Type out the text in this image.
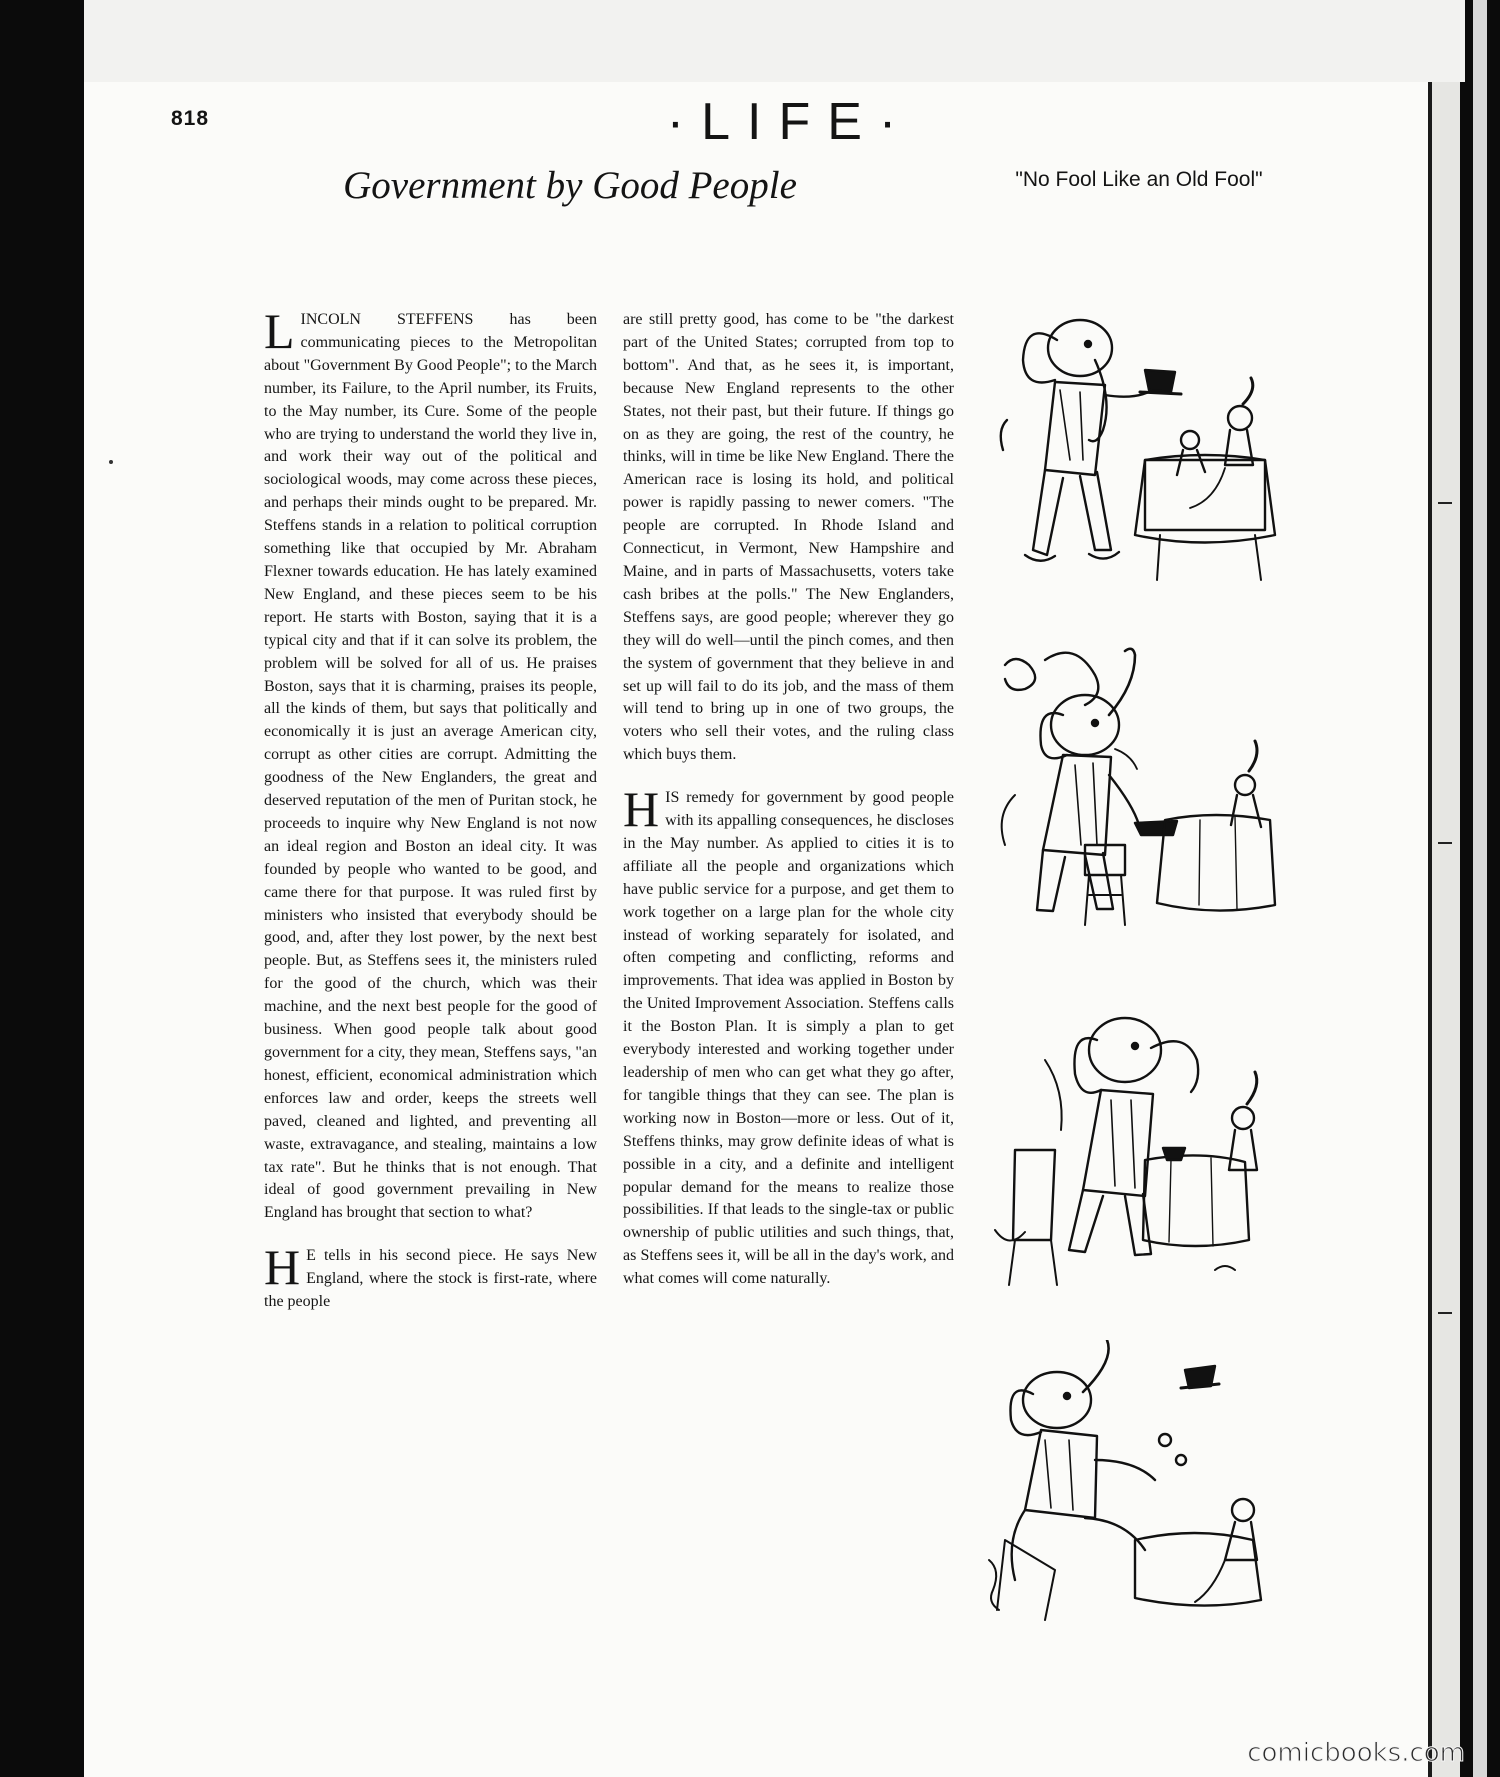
818	·LIFE·
Government by Good People	"No Fool Like an Old Fool"

LINCOLN STEFFENS has been communicating pieces to the Metropolitan about "Government By Good People"; to the March number, its Failure, to the April number, its Fruits, to the May number, its Cure. Some of the people who are trying to understand the world they live in, and work their way out of the political and sociological woods, may come across these pieces, and perhaps their minds ought to be prepared. Mr. Steffens stands in a relation to political corruption something like that occupied by Mr. Abraham Flexner towards education. He has lately examined New England, and these pieces seem to be his report. He starts with Boston, saying that it is a typical city and that if it can solve its problem, the problem will be solved for all of us. He praises Boston, says that it is charming, praises its people, all the kinds of them, but says that politically and economically it is just an average American city, corrupt as other cities are corrupt. Admitting the goodness of the New Englanders, the great and deserved reputation of the men of Puritan stock, he proceeds to inquire why New England is not now an ideal region and Boston an ideal city. It was founded by people who wanted to be good, and came there for that purpose. It was ruled first by ministers who insisted that everybody should be good, and, after they lost power, by the next best people. But, as Steffens sees it, the ministers ruled for the good of the church, which was their machine, and the next best people for the good of business. When good people talk about good government for a city, they mean, Steffens says, "an honest, efficient, economical administration which enforces law and order, keeps the streets well paved, cleaned and lighted, and preventing all waste, extravagance, and stealing, maintains a low tax rate". But he thinks that is not enough. That ideal of good government prevailing in New England has brought that section to what?

H E tells in his second piece. He says New England, where the stock is first-rate, where the people

are still pretty good, has come to be "the darkest part of the United States; corrupted from top to bottom". And that, as he sees it, is important, because New England represents to the other States, not their past, but their future. If things go on as they are going, the rest of the country, he thinks, will in time be like New England. There the American race is losing its hold, and political power is rapidly passing to newer comers. "The people are corrupted. In Rhode Island and Connecticut, in Vermont, New Hampshire and Maine, and in parts of Massachusetts, voters take cash bribes at the polls." The New Englanders, Steffens says, are good people; wherever they go they will do well—until the pinch comes, and then the system of government that they believe in and set up will fail to do its job, and the mass of them will tend to bring up in one of two groups, the voters who sell their votes, and the ruling class which buys them.

HIS remedy for government by good people with its appalling consequences, he discloses in the May number. As applied to cities it is to affiliate all the people and organizations which have public service for a purpose, and get them to work together on a large plan for the whole city instead of working separately for isolated, and often competing and conflicting, reforms and improvements. That idea was applied in Boston by the United Improvement Association. Steffens calls it the Boston Plan. It is simply a plan to get everybody interested and working together under leadership of men who can get what they go after, for tangible things that they can see. The plan is working now in Boston—more or less. Out of it, Steffens thinks, may grow definite ideas of what is possible in a city, and a definite and intelligent popular demand for the means to realize those possibilities. If that leads to the single-tax or public ownership of public utilities and such things, that, as Steffens sees it, will be all in the day's work, and what comes will come naturally.

comicbooks.com
